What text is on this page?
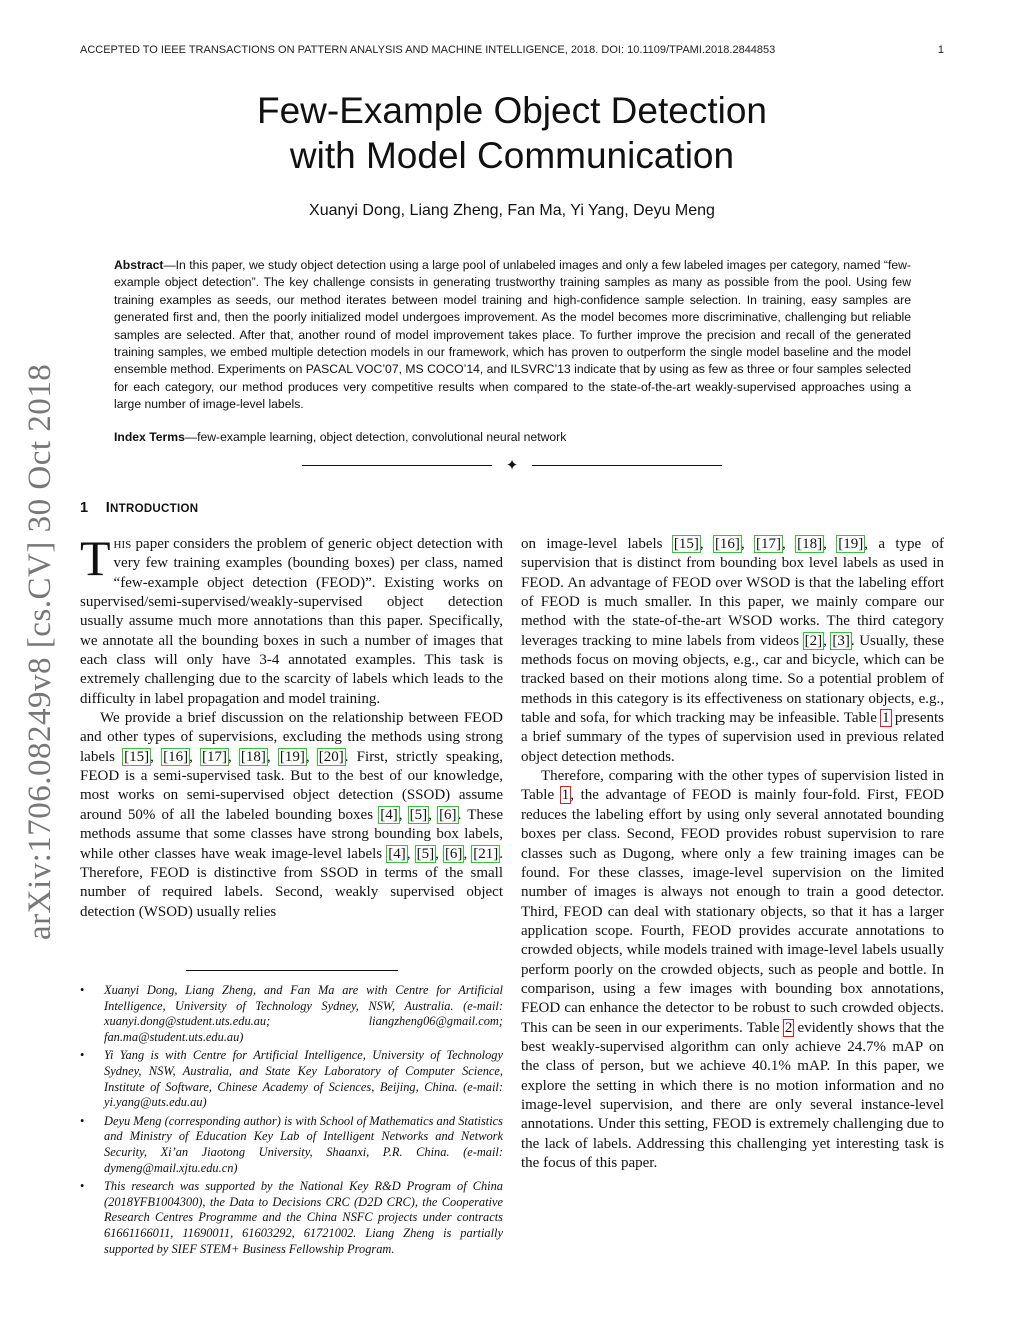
ACCEPTED TO IEEE TRANSACTIONS ON PATTERN ANALYSIS AND MACHINE INTELLIGENCE, 2018. DOI: 10.1109/TPAMI.2018.2844853	1
arXiv:1706.08249v8 [cs.CV] 30 Oct 2018
Few-Example Object Detection
with Model Communication
Xuanyi Dong, Liang Zheng, Fan Ma, Yi Yang, Deyu Meng
Abstract—In this paper, we study object detection using a large pool of unlabeled images and only a few labeled images per category, named “few-example object detection”. The key challenge consists in generating trustworthy training samples as many as possible from the pool. Using few training examples as seeds, our method iterates between model training and high-confidence sample selection. In training, easy samples are generated first and, then the poorly initialized model undergoes improvement. As the model becomes more discriminative, challenging but reliable samples are selected. After that, another round of model improvement takes place. To further improve the precision and recall of the generated training samples, we embed multiple detection models in our framework, which has proven to outperform the single model baseline and the model ensemble method. Experiments on PASCAL VOC’07, MS COCO’14, and ILSVRC’13 indicate that by using as few as three or four samples selected for each category, our method produces very competitive results when compared to the state-of-the-art weakly-supervised approaches using a large number of image-level labels.
Index Terms—few-example learning, object detection, convolutional neural network
✦
1 INTRODUCTION

This paper considers the problem of generic object detection with very few training examples (bounding boxes) per class, named “few-example object detection (FEOD)”. Existing works on supervised/semi-supervised/weakly-supervised object detection usually assume much more annotations than this paper. Specifically, we annotate all the bounding boxes in such a number of images that each class will only have 3-4 annotated examples. This task is extremely challenging due to the scarcity of labels which leads to the difficulty in label propagation and model training.

We provide a brief discussion on the relationship between FEOD and other types of supervisions, excluding the methods using strong labels [15], [16], [17], [18], [19], [20]. First, strictly speaking, FEOD is a semi-supervised task. But to the best of our knowledge, most works on semi-supervised object detection (SSOD) assume around 50% of all the labeled bounding boxes [4], [5], [6]. These methods assume that some classes have strong bounding box labels, while other classes have weak image-level labels [4], [5], [6], [21]. Therefore, FEOD is distinctive from SSOD in terms of the small number of required labels. Second, weakly supervised object detection (WSOD) usually relies

• Xuanyi Dong, Liang Zheng, and Fan Ma are with Centre for Artificial Intelligence, University of Technology Sydney, NSW, Australia. (e-mail: xuanyi.dong@student.uts.edu.au; liangzheng06@gmail.com; fan.ma@student.uts.edu.au)
• Yi Yang is with Centre for Artificial Intelligence, University of Technology Sydney, NSW, Australia, and State Key Laboratory of Computer Science, Institute of Software, Chinese Academy of Sciences, Beijing, China. (e-mail: yi.yang@uts.edu.au)
• Deyu Meng (corresponding author) is with School of Mathematics and Statistics and Ministry of Education Key Lab of Intelligent Networks and Network Security, Xi’an Jiaotong University, Shaanxi, P.R. China. (e-mail: dymeng@mail.xjtu.edu.cn)
• This research was supported by the National Key R&D Program of China (2018YFB1004300), the Data to Decisions CRC (D2D CRC), the Cooperative Research Centres Programme and the China NSFC projects under contracts 61661166011, 11690011, 61603292, 61721002. Liang Zheng is partially supported by SIEF STEM+ Business Fellowship Program.

on image-level labels [15], [16], [17], [18], [19], a type of supervision that is distinct from bounding box level labels as used in FEOD. An advantage of FEOD over WSOD is that the labeling effort of FEOD is much smaller. In this paper, we mainly compare our method with the state-of-the-art WSOD works. The third category leverages tracking to mine labels from videos [2], [3]. Usually, these methods focus on moving objects, e.g., car and bicycle, which can be tracked based on their motions along time. So a potential problem of methods in this category is its effectiveness on stationary objects, e.g., table and sofa, for which tracking may be infeasible. Table 1 presents a brief summary of the types of supervision used in previous related object detection methods.

Therefore, comparing with the other types of supervision listed in Table 1, the advantage of FEOD is mainly four-fold. First, FEOD reduces the labeling effort by using only several annotated bounding boxes per class. Second, FEOD provides robust supervision to rare classes such as Dugong, where only a few training images can be found. For these classes, image-level supervision on the limited number of images is always not enough to train a good detector. Third, FEOD can deal with stationary objects, so that it has a larger application scope. Fourth, FEOD provides accurate annotations to crowded objects, while models trained with image-level labels usually perform poorly on the crowded objects, such as people and bottle. In comparison, using a few images with bounding box annotations, FEOD can enhance the detector to be robust to such crowded objects. This can be seen in our experiments. Table 2 evidently shows that the best weakly-supervised algorithm can only achieve 24.7% mAP on the class of person, but we achieve 40.1% mAP. In this paper, we explore the setting in which there is no motion information and no image-level supervision, and there are only several instance-level annotations. Under this setting, FEOD is extremely challenging due to the lack of labels. Addressing this challenging yet interesting task is the focus of this paper.
